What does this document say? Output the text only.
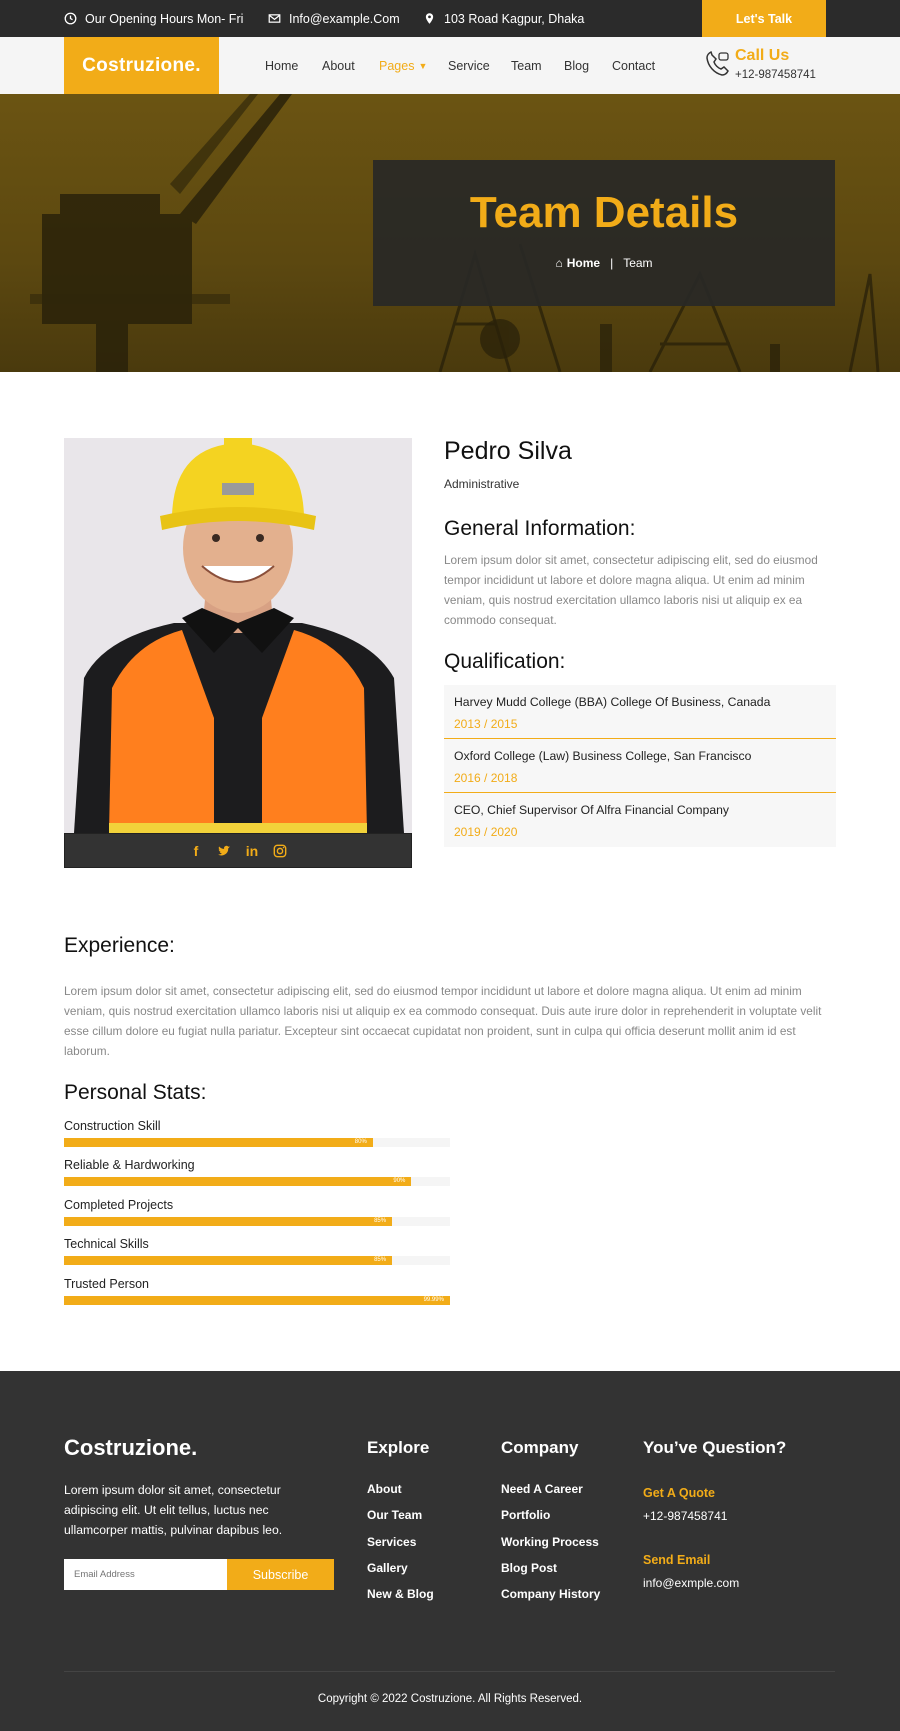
Our Opening Hours Mon- Fri	Info@example.Com	103 Road Kagpur, Dhaka	Let's Talk
Costruzione.	Home About Pages ▼ Service Team Blog Contact
Call Us
+12-987458741
Team Details
⌂ Home | Team
f	in
Pedro Silva
Administrative
General Information:
Lorem ipsum dolor sit amet, consectetur adipiscing elit, sed do eiusmod tempor incididunt ut labore et dolore magna aliqua. Ut enim ad minim veniam, quis nostrud exercitation ullamco laboris nisi ut aliquip ex ea commodo consequat.
Qualification:
Harvey Mudd College (BBA) College Of Business, Canada
2013 / 2015
Oxford College (Law) Business College, San Francisco
2016 / 2018
CEO, Chief Supervisor Of Alfra Financial Company
2019 / 2020
Experience:
Lorem ipsum dolor sit amet, consectetur adipiscing elit, sed do eiusmod tempor incididunt ut labore et dolore magna aliqua. Ut enim ad minim veniam, quis nostrud exercitation ullamco laboris nisi ut aliquip ex ea commodo consequat. Duis aute irure dolor in reprehenderit in voluptate velit esse cillum dolore eu fugiat nulla pariatur. Excepteur sint occaecat cupidatat non proident, sunt in culpa qui officia deserunt mollit anim id est laborum.
Personal Stats:
Construction Skill
80%
Reliable & Hardworking
90%
Completed Projects
85%
Technical Skills
85%
Trusted Person
99.99%
Costruzione.
Lorem ipsum dolor sit amet, consectetur adipiscing elit. Ut elit tellus, luctus nec ullamcorper mattis, pulvinar dapibus leo.
Email Address
Subscribe
Explore
About
Our Team
Services
Gallery
New & Blog
Company
Need A Career
Portfolio
Working Process
Blog Post
Company History
You’ve Question?
Get A Quote
+12-987458741
Send Email
info@exmple.com
Copyright © 2022 Costruzione. All Rights Reserved.
